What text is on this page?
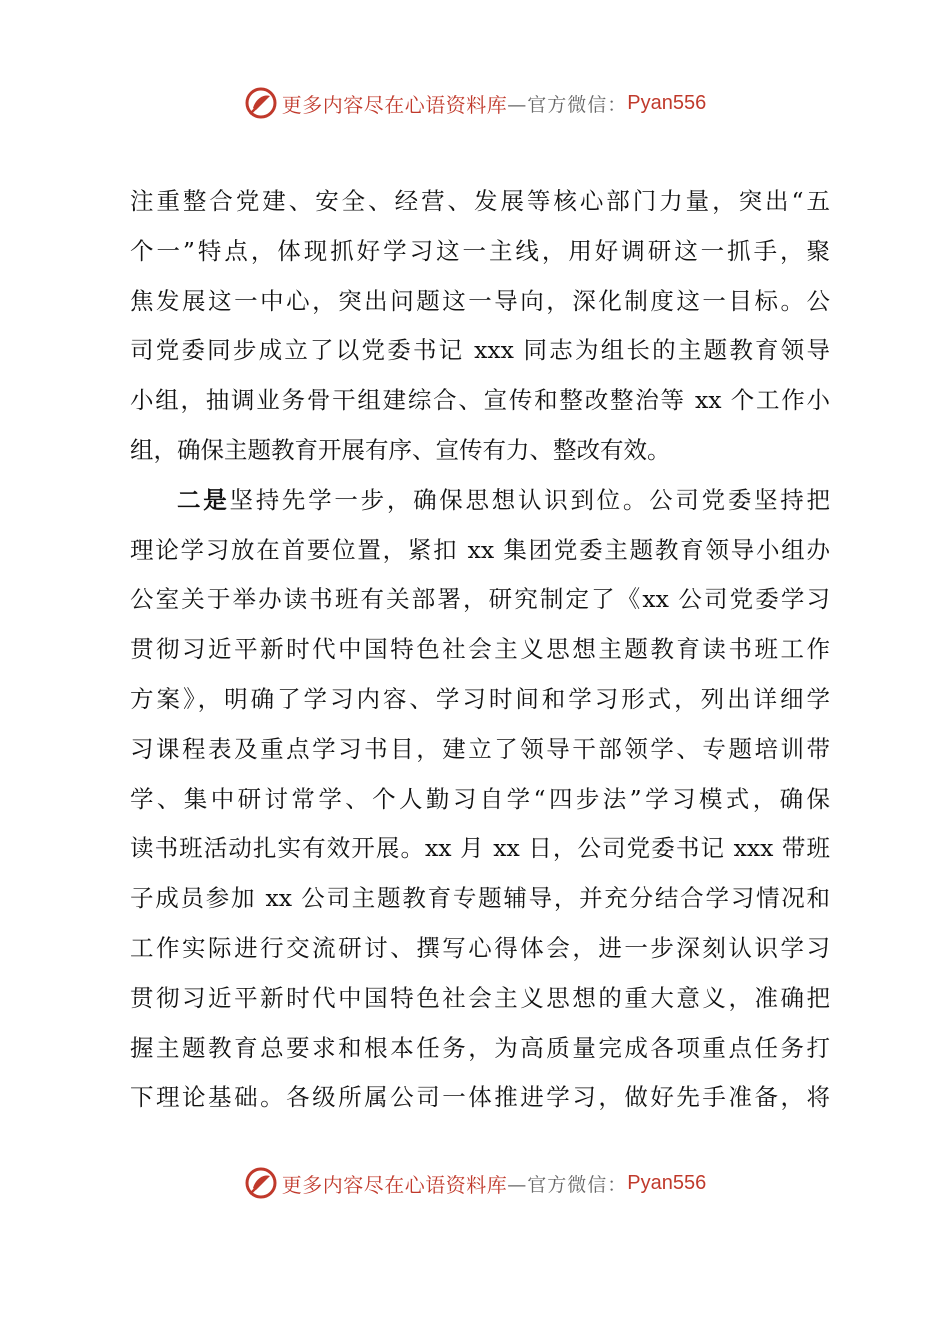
更多内容尽在心语资料库 —官方微信： Pyan556
注重整合党建、安全、经营、发展等核心部门力量，突出“五
个一”特点，体现抓好学习这一主线，用好调研这一抓手，聚
焦发展这一中心，突出问题这一导向，深化制度这一目标。公
司党委同步成立了以党委书记 xxx 同志为组长的主题教育领导
小组，抽调业务骨干组建综合、宣传和整改整治等 xx 个工作小
组，确保主题教育开展有序、宣传有力、整改有效。
二是坚持先学一步，确保思想认识到位。公司党委坚持把
理论学习放在首要位置，紧扣 xx 集团党委主题教育领导小组办
公室关于举办读书班有关部署，研究制定了《xx 公司党委学习
贯彻习近平新时代中国特色社会主义思想主题教育读书班工作
方案》，明确了学习内容、学习时间和学习形式，列出详细学
习课程表及重点学习书目，建立了领导干部领学、专题培训带
学、集中研讨常学、个人勤习自学“四步法”学习模式，确保
读书班活动扎实有效开展。xx 月 xx 日，公司党委书记 xxx 带班
子成员参加 xx 公司主题教育专题辅导，并充分结合学习情况和
工作实际进行交流研讨、撰写心得体会，进一步深刻认识学习
贯彻习近平新时代中国特色社会主义思想的重大意义，准确把
握主题教育总要求和根本任务，为高质量完成各项重点任务打
下理论基础。各级所属公司一体推进学习，做好先手准备，将
更多内容尽在心语资料库 —官方微信： Pyan556
